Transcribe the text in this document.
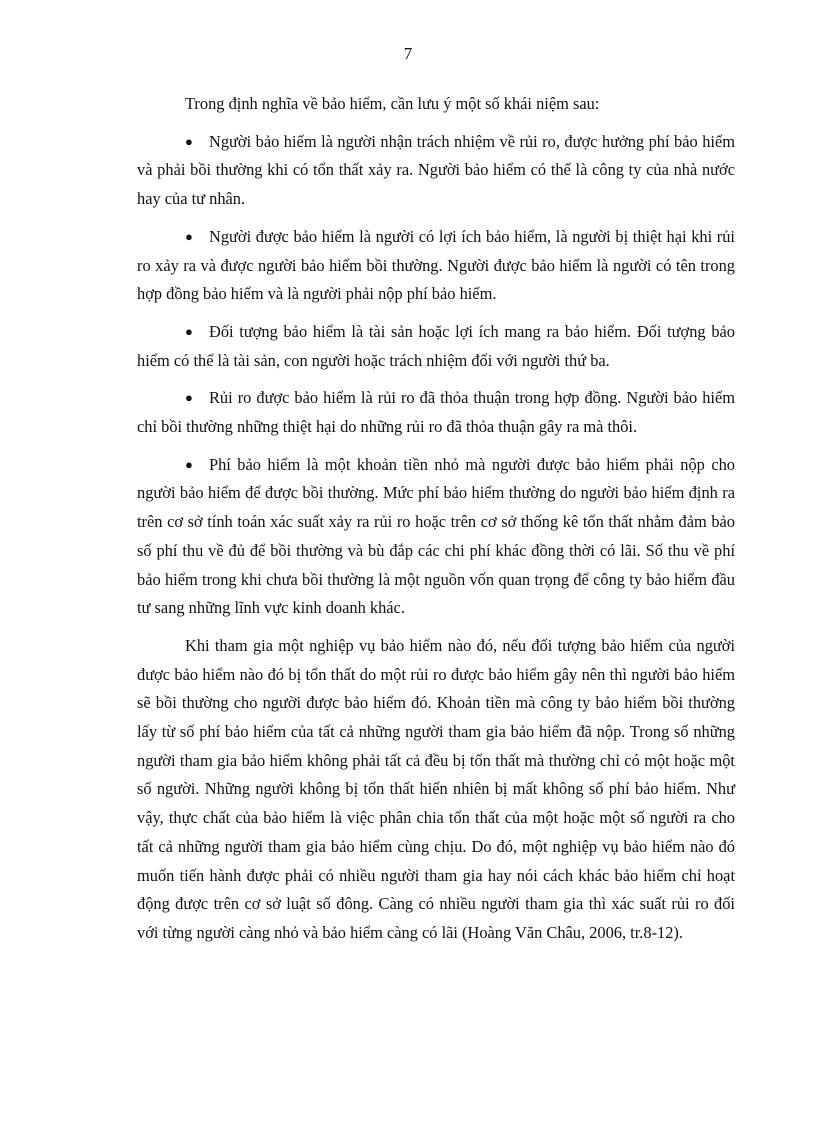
7

Trong định nghĩa về bảo hiểm, cần lưu ý một số khái niệm sau:

● Người bảo hiểm là người nhận trách nhiệm về rủi ro, được hưởng phí bảo hiểm và phải bồi thường khi có tổn thất xảy ra. Người bảo hiểm có thể là công ty của nhà nước hay của tư nhân.

● Người được bảo hiểm là người có lợi ích bảo hiểm, là người bị thiệt hại khi rủi ro xảy ra và được người bảo hiểm bồi thường. Người được bảo hiểm là người có tên trong hợp đồng bảo hiểm và là người phải nộp phí bảo hiểm.

● Đối tượng bảo hiểm là tài sản hoặc lợi ích mang ra bảo hiểm. Đối tượng bảo hiểm có thể là tài sản, con người hoặc trách nhiệm đối với người thứ ba.

● Rủi ro được bảo hiểm là rủi ro đã thỏa thuận trong hợp đồng. Người bảo hiểm chỉ bồi thường những thiệt hại do những rủi ro đã thỏa thuận gây ra mà thôi.

● Phí bảo hiểm là một khoản tiền nhỏ mà người được bảo hiểm phải nộp cho người bảo hiểm để được bồi thường. Mức phí bảo hiểm thường do người bảo hiểm định ra trên cơ sở tính toán xác suất xảy ra rủi ro hoặc trên cơ sở thống kê tổn thất nhằm đảm bảo số phí thu về đủ để bồi thường và bù đắp các chi phí khác đồng thời có lãi. Số thu về phí bảo hiểm trong khi chưa bồi thường là một nguồn vốn quan trọng để công ty bảo hiểm đầu tư sang những lĩnh vực kinh doanh khác.

Khi tham gia một nghiệp vụ bảo hiểm nào đó, nếu đối tượng bảo hiểm của người được bảo hiểm nào đó bị tổn thất do một rủi ro được bảo hiểm gây nên thì người bảo hiểm sẽ bồi thường cho người được bảo hiểm đó. Khoản tiền mà công ty bảo hiểm bồi thường lấy từ số phí bảo hiểm của tất cả những người tham gia bảo hiểm đã nộp. Trong số những người tham gia bảo hiểm không phải tất cả đều bị tổn thất mà thường chỉ có một hoặc một số người. Những người không bị tổn thất hiển nhiên bị mất không số phí bảo hiểm. Như vậy, thực chất của bảo hiểm là việc phân chia tổn thất của một hoặc một số người ra cho tất cả những người tham gia bảo hiểm cùng chịu. Do đó, một nghiệp vụ bảo hiểm nào đó muốn tiến hành được phải có nhiều người tham gia hay nói cách khác bảo hiểm chỉ hoạt động được trên cơ sở luật số đông. Càng có nhiều người tham gia thì xác suất rủi ro đối với từng người càng nhỏ và bảo hiểm càng có lãi (Hoàng Văn Châu, 2006, tr.8-12).
